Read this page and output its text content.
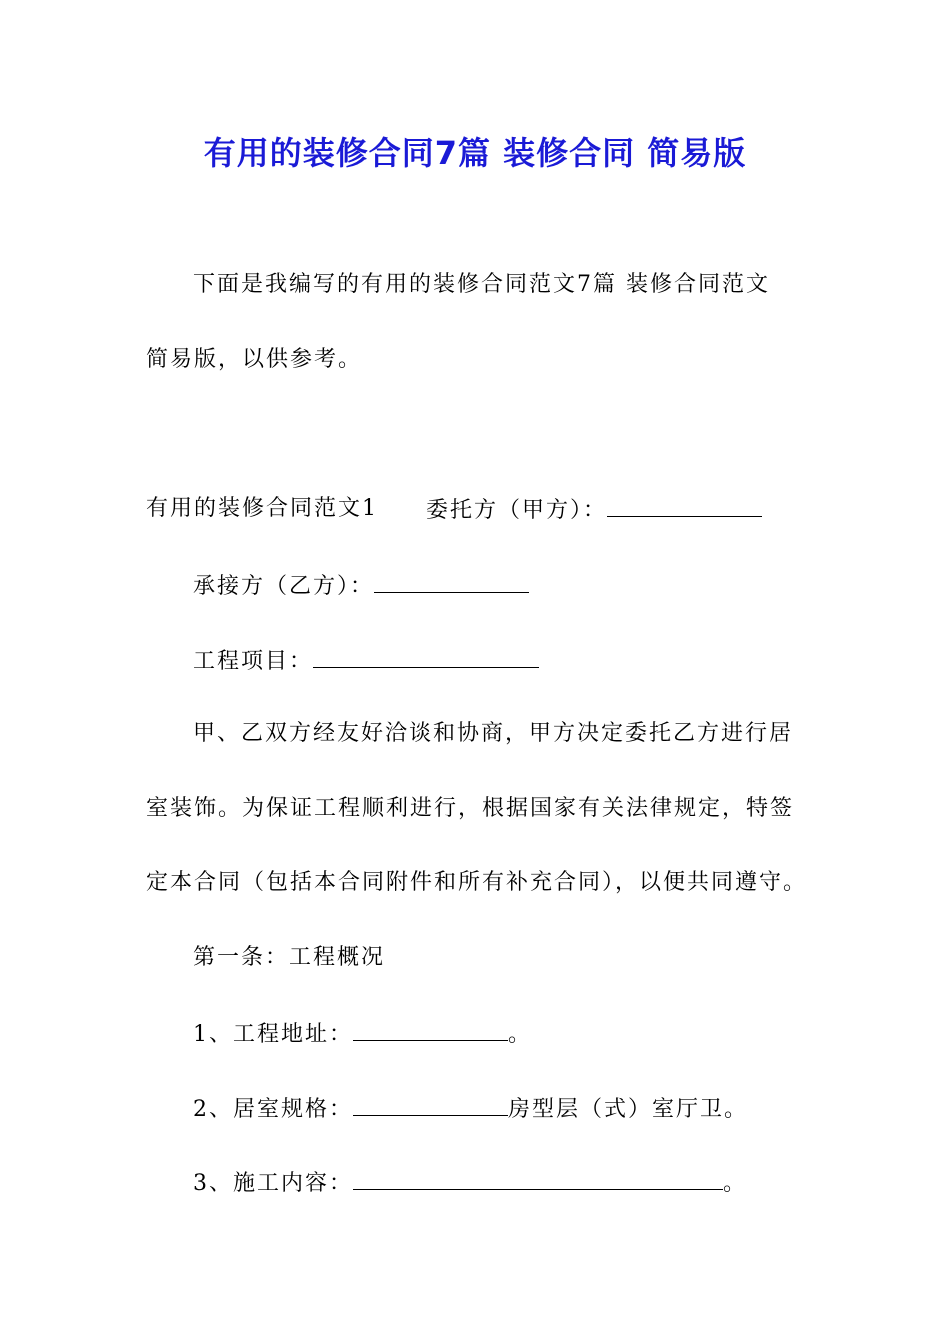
有用的装修合同7篇 装修合同 简易版
下面是我编写的有用的装修合同范文7篇 装修合同范文
简易版，以供参考。
有用的装修合同范文1 委托方（甲方）：
承接方（乙方）：
工程项目：
甲、乙双方经友好洽谈和协商，甲方决定委托乙方进行居
室装饰。为保证工程顺利进行，根据国家有关法律规定，特签
定本合同（包括本合同附件和所有补充合同），以便共同遵守。
第一条：工程概况
1、工程地址：	。
2、居室规格：	房型层（式）室厅卫。
3、施工内容：	。
